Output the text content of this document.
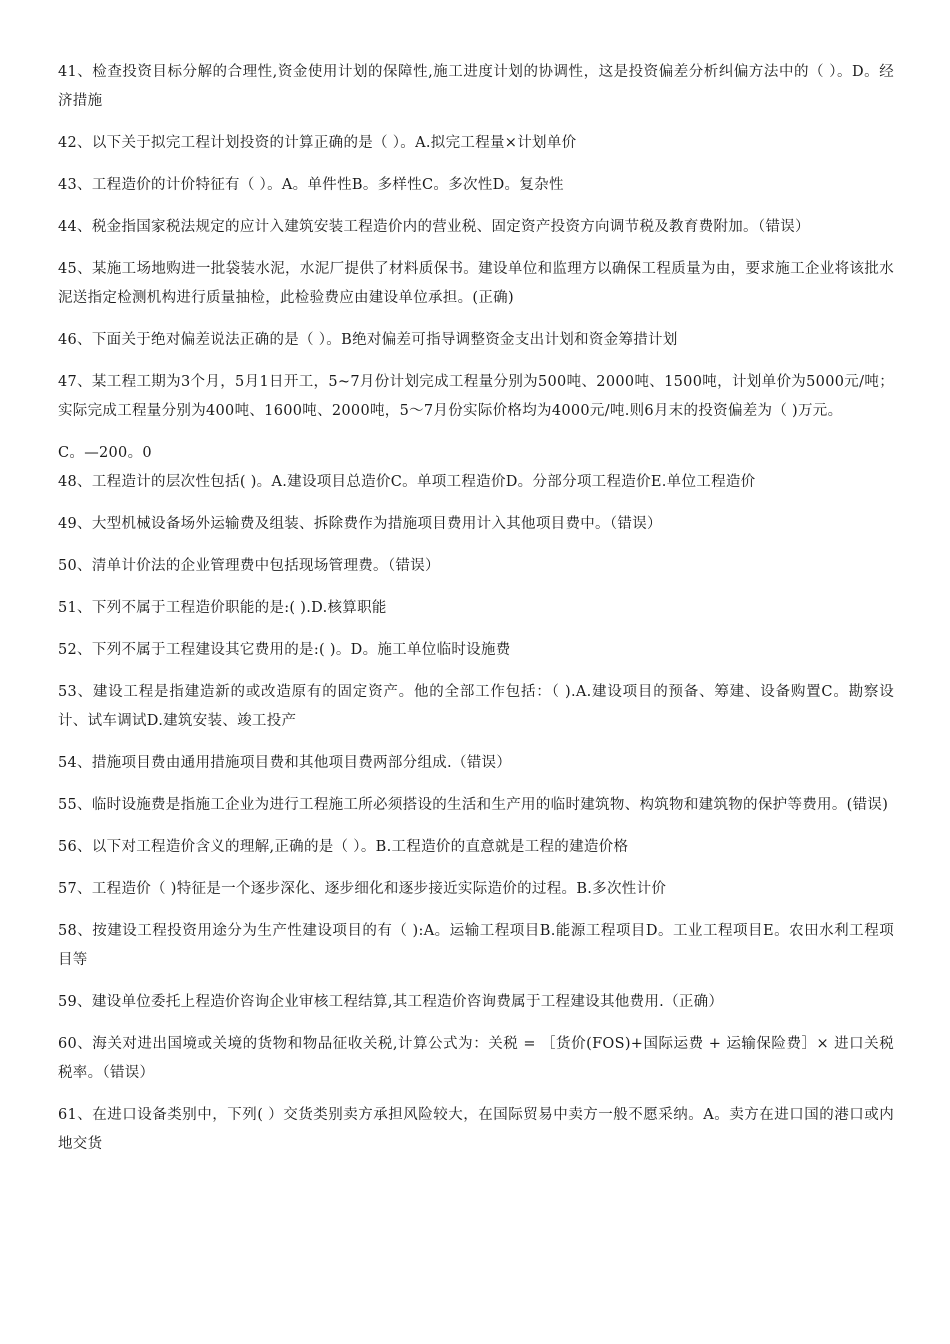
41、检查投资目标分解的合理性,资金使用计划的保障性,施工进度计划的协调性，这是投资偏差分析纠偏方法中的（ ）。D。经济措施

42、以下关于拟完工程计划投资的计算正确的是（ ）。A.拟完工程量×计划单价

43、工程造价的计价特征有（ ）。A。单件性B。多样性C。多次性D。复杂性

44、税金指国家税法规定的应计入建筑安装工程造价内的营业税、固定资产投资方向调节税及教育费附加。（错误）

45、某施工场地购进一批袋装水泥，水泥厂提供了材料质保书。建设单位和监理方以确保工程质量为由，要求施工企业将该批水泥送指定检测机构进行质量抽检，此检验费应由建设单位承担。(正确)

46、下面关于绝对偏差说法正确的是（ ）。B绝对偏差可指导调整资金支出计划和资金筹措计划

47、某工程工期为3个月，5月1日开工，5~7月份计划完成工程量分别为500吨、2000吨、1500吨，计划单价为5000元/吨；实际完成工程量分别为400吨、1600吨、2000吨，5～7月份实际价格均为4000元/吨.则6月末的投资偏差为（ )万元。

C。—200。0

48、工程造计的层次性包括( )。A.建设项目总造价C。单项工程造价D。分部分项工程造价E.单位工程造价

49、大型机械设备场外运输费及组装、拆除费作为措施项目费用计入其他项目费中。（错误）

50、清单计价法的企业管理费中包括现场管理费。（错误）

51、下列不属于工程造价职能的是:( ).D.核算职能

52、下列不属于工程建设其它费用的是:( )。D。施工单位临时设施费

53、建设工程是指建造新的或改造原有的固定资产。他的全部工作包括：（ ).A.建设项目的预备、筹建、设备购置C。勘察设计、试车调试D.建筑安装、竣工投产

54、措施项目费由通用措施项目费和其他项目费两部分组成.（错误）

55、临时设施费是指施工企业为进行工程施工所必须搭设的生活和生产用的临时建筑物、构筑物和建筑物的保护等费用。(错误)

56、以下对工程造价含义的理解,正确的是（ ）。B.工程造价的直意就是工程的建造价格

57、工程造价（ )特征是一个逐步深化、逐步细化和逐步接近实际造价的过程。B.多次性计价

58、按建设工程投资用途分为生产性建设项目的有（ ):A。运输工程项目B.能源工程项目D。工业工程项目E。农田水利工程项目等

59、建设单位委托上程造价咨询企业审核工程结算,其工程造价咨询费属于工程建设其他费用.（正确）

60、海关对进出国境或关境的货物和物品征收关税,计算公式为：关税 = ［货价(FOS)+国际运费 + 运输保险费］× 进口关税税率。（错误）

61、在进口设备类别中，下列( ）交货类别卖方承担风险较大，在国际贸易中卖方一般不愿采纳。A。卖方在进口国的港口或内地交货
